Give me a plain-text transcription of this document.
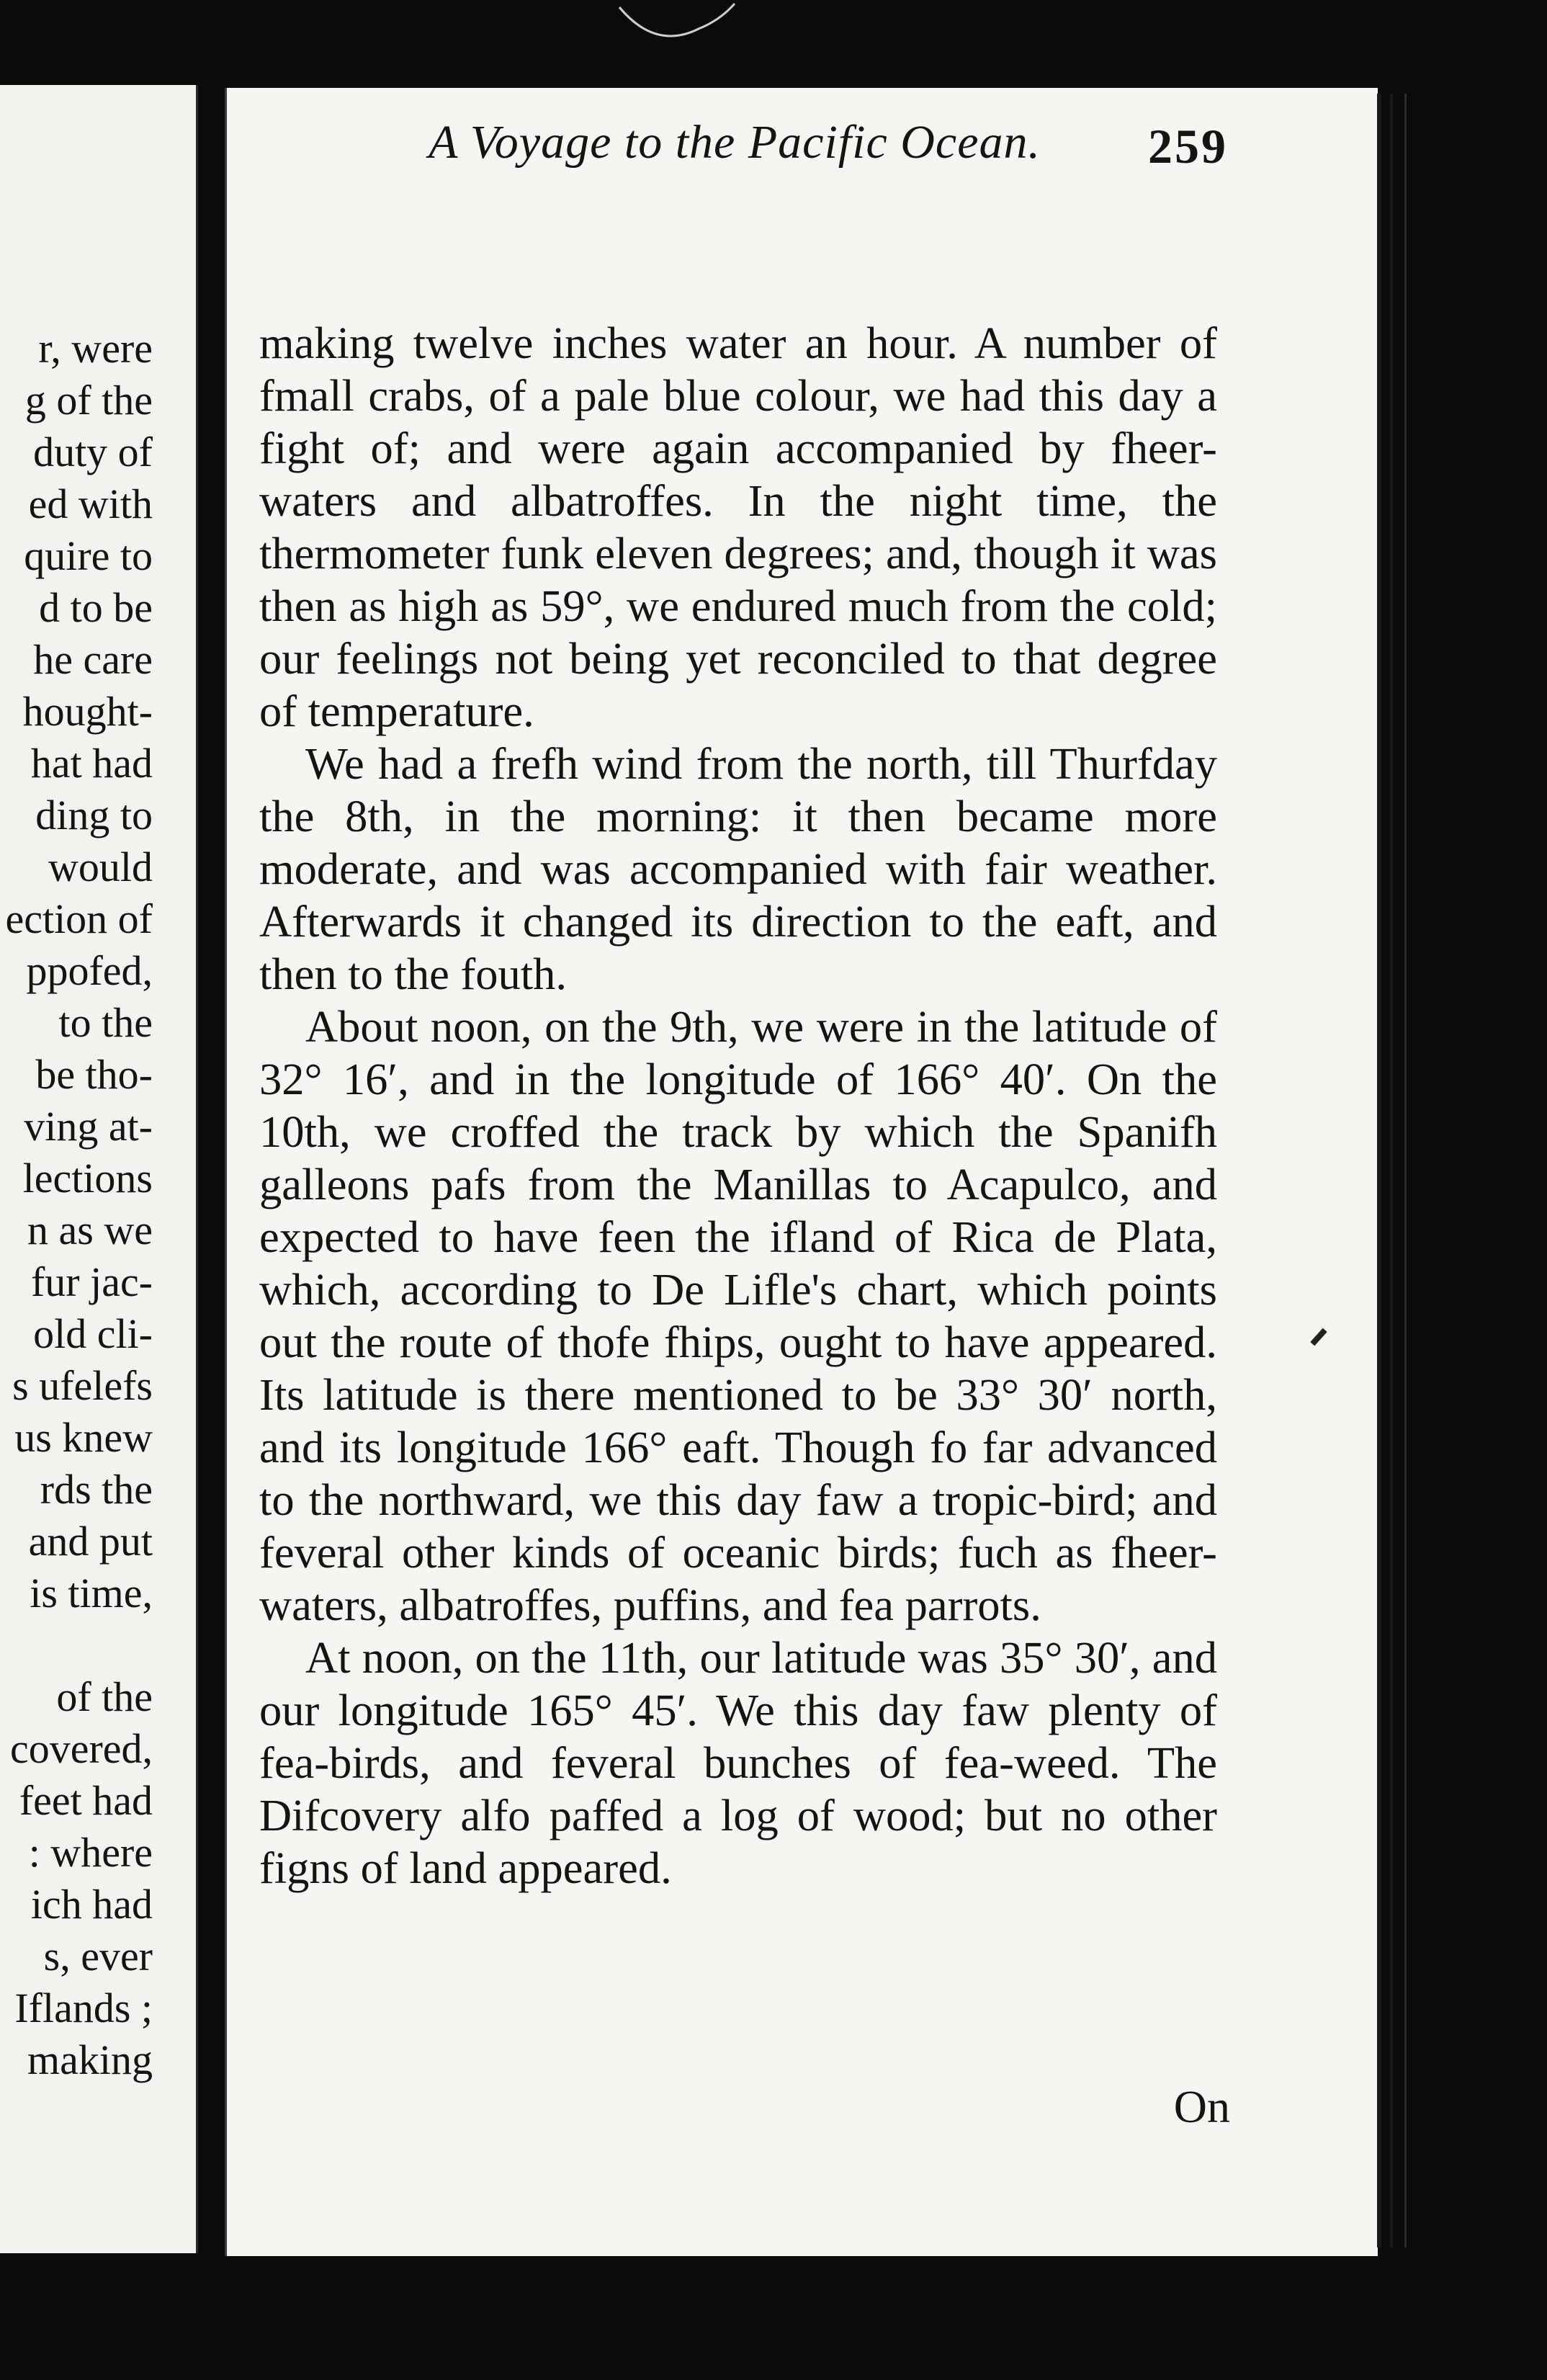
r, were
g of the
duty of
ed with
quire to
d to be
he care
hought-
hat had
ding to
would
ection of
ppofed,
to the
be tho-
ving at-
lections
n as we
fur jac-
old cli-
s ufelefs
us knew
rds the
and put
is time,
of the
covered,
feet had
: where
ich had
s, ever
Iflands ;
making
A Voyage to the Pacific Ocean. 259

making twelve inches water an hour. A number of fmall crabs, of a pale blue colour, we had this day a fight of; and were again accompanied by fheer-waters and albatroffes. In the night time, the thermometer funk eleven degrees; and, though it was then as high as 59°, we endured much from the cold; our feelings not being yet reconciled to that degree of temperature.

We had a frefh wind from the north, till Thurfday the 8th, in the morning: it then became more moderate, and was accompanied with fair weather. Afterwards it changed its direction to the eaft, and then to the fouth.

About noon, on the 9th, we were in the latitude of 32° 16′, and in the longitude of 166° 40′. On the 10th, we croffed the track by which the Spanifh galleons pafs from the Manillas to Acapulco, and expected to have feen the ifland of Rica de Plata, which, according to De Lifle's chart, which points out the route of thofe fhips, ought to have appeared. Its latitude is there mentioned to be 33° 30′ north, and its longitude 166° eaft. Though fo far advanced to the northward, we this day faw a tropic-bird; and feveral other kinds of oceanic birds; fuch as fheer-waters, albatroffes, puffins, and fea parrots.

At noon, on the 11th, our latitude was 35° 30′, and our longitude 165° 45′. We this day faw plenty of fea-birds, and feveral bunches of fea-weed. The Difcovery alfo paffed a log of wood; but no other figns of land appeared.

On
